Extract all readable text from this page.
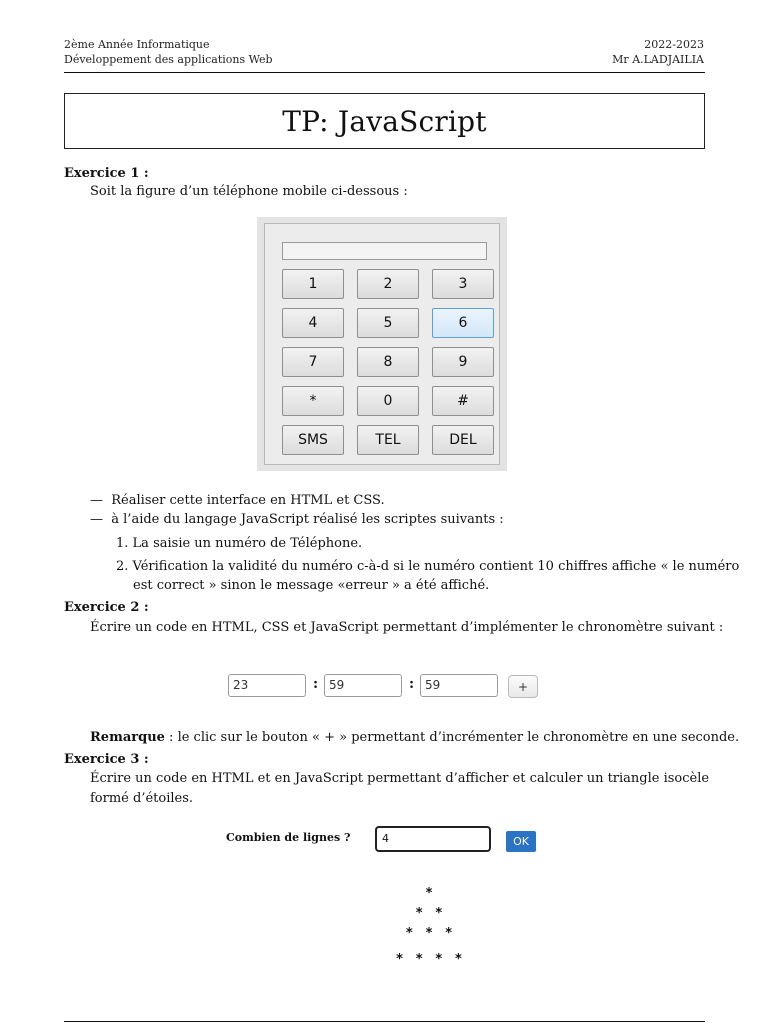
2ème Année Informatique
Développement des applications Web
2022-2023
Mr A.LADJAILIA
TP: JavaScript
Exercice 1 :
Soit la figure d’un téléphone mobile ci-dessous :
1	2	3
4	5	6
7	8	9
*	0	#
SMS	TEL	DEL
— Réaliser cette interface en HTML et CSS.
— à l’aide du langage JavaScript réalisé les scriptes suivants :
1. La saisie un numéro de Téléphone.
2. Vérification la validité du numéro c-à-d si le numéro contient 10 chiffres affiche « le numéro
est correct » sinon le message «erreur » a été affiché.
Exercice 2 :
Écrire un code en HTML, CSS et JavaScript permettant d’implémenter le chronomètre suivant :
23	: 59	: 59	+
Remarque : le clic sur le bouton « + » permettant d’incrémenter le chronomètre en une seconde.
Exercice 3 :
Écrire un code en HTML et en JavaScript permettant d’afficher et calculer un triangle isocèle
formé d’étoiles.
Combien de lignes ?	4	OK
*
* *
* * *
* * * *
